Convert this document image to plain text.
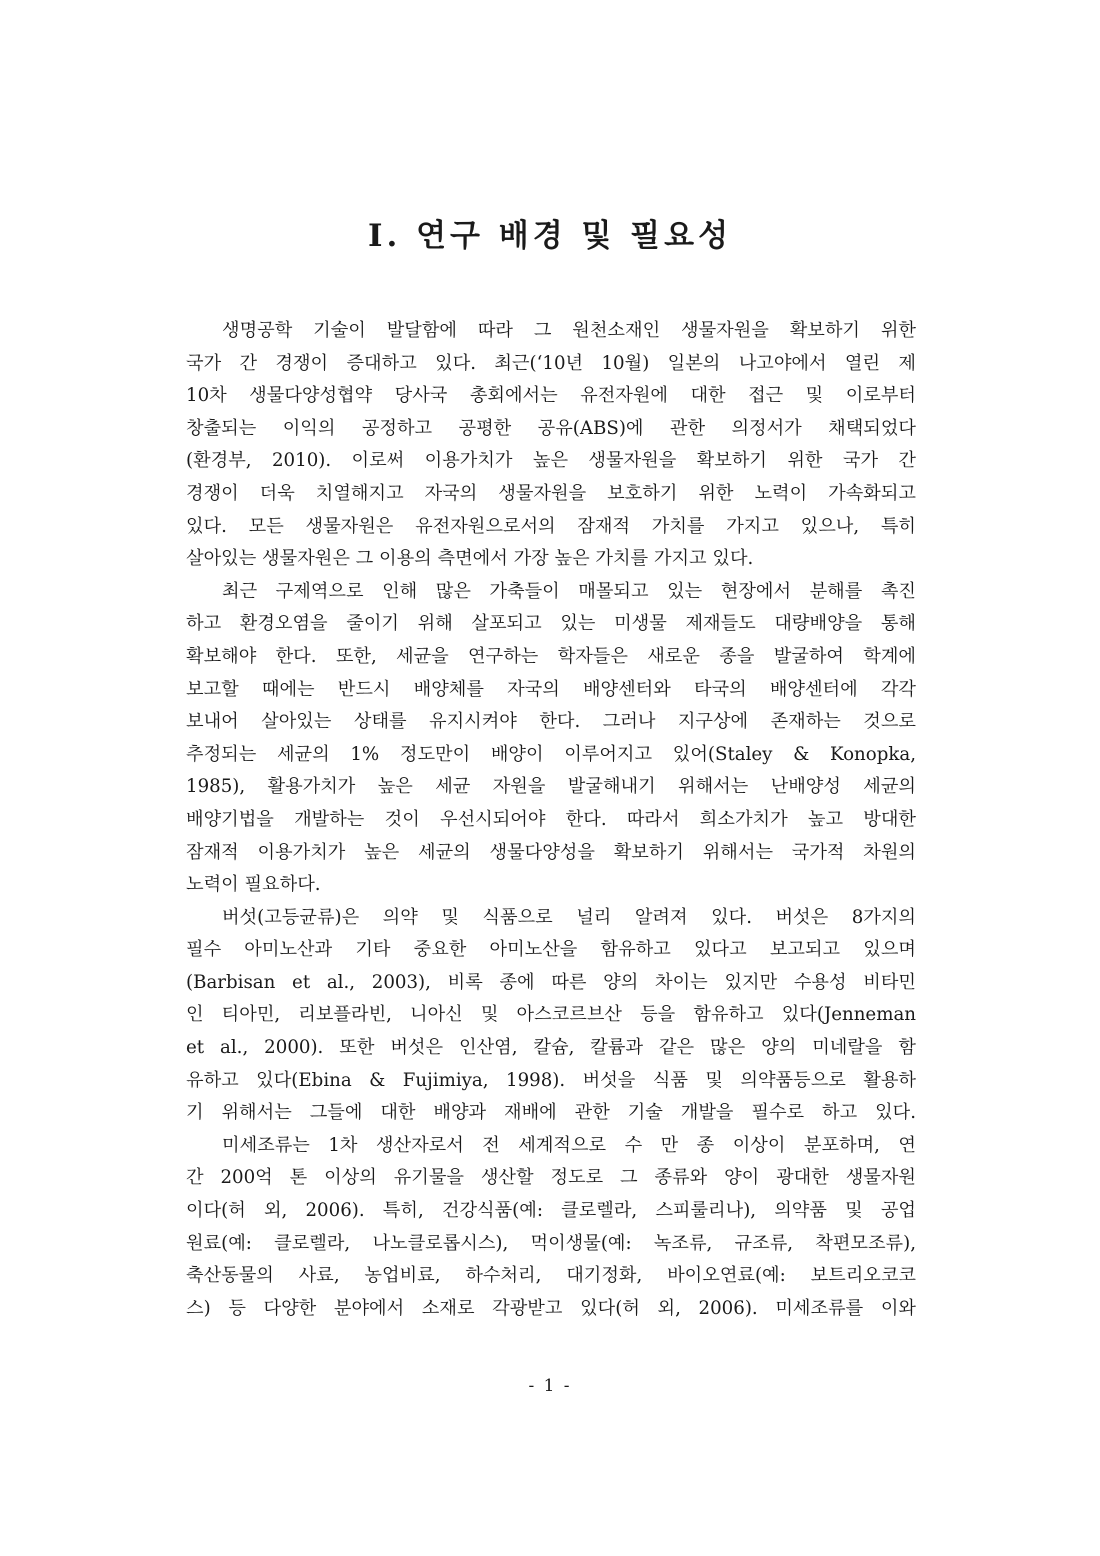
Ⅰ. 연구 배경 및 필요성
생명공학 기술이 발달함에 따라 그 원천소재인 생물자원을 확보하기 위한
국가 간 경쟁이 증대하고 있다. 최근(‘10년 10월) 일본의 나고야에서 열린 제
10차 생물다양성협약 당사국 총회에서는 유전자원에 대한 접근 및 이로부터
창출되는 이익의 공정하고 공평한 공유(ABS)에 관한 의정서가 채택되었다
(환경부, 2010). 이로써 이용가치가 높은 생물자원을 확보하기 위한 국가 간
경쟁이 더욱 치열해지고 자국의 생물자원을 보호하기 위한 노력이 가속화되고
있다. 모든 생물자원은 유전자원으로서의 잠재적 가치를 가지고 있으나, 특히
살아있는 생물자원은 그 이용의 측면에서 가장 높은 가치를 가지고 있다.
최근 구제역으로 인해 많은 가축들이 매몰되고 있는 현장에서 분해를 촉진
하고 환경오염을 줄이기 위해 살포되고 있는 미생물 제재들도 대량배양을 통해
확보해야 한다. 또한, 세균을 연구하는 학자들은 새로운 종을 발굴하여 학계에
보고할 때에는 반드시 배양체를 자국의 배양센터와 타국의 배양센터에 각각
보내어 살아있는 상태를 유지시켜야 한다. 그러나 지구상에 존재하는 것으로
추정되는 세균의 1% 정도만이 배양이 이루어지고 있어(Staley & Konopka,
1985), 활용가치가 높은 세균 자원을 발굴해내기 위해서는 난배양성 세균의
배양기법을 개발하는 것이 우선시되어야 한다. 따라서 희소가치가 높고 방대한
잠재적 이용가치가 높은 세균의 생물다양성을 확보하기 위해서는 국가적 차원의
노력이 필요하다.
버섯(고등균류)은 의약 및 식품으로 널리 알려져 있다. 버섯은 8가지의
필수 아미노산과 기타 중요한 아미노산을 함유하고 있다고 보고되고 있으며
(Barbisan et al., 2003), 비록 종에 따른 양의 차이는 있지만 수용성 비타민
인 티아민, 리보플라빈, 니아신 및 아스코르브산 등을 함유하고 있다(Jenneman
et al., 2000). 또한 버섯은 인산염, 칼슘, 칼륨과 같은 많은 양의 미네랄을 함
유하고 있다(Ebina & Fujimiya, 1998). 버섯을 식품 및 의약품등으로 활용하
기 위해서는 그들에 대한 배양과 재배에 관한 기술 개발을 필수로 하고 있다.
미세조류는 1차 생산자로서 전 세계적으로 수 만 종 이상이 분포하며, 연
간 200억 톤 이상의 유기물을 생산할 정도로 그 종류와 양이 광대한 생물자원
이다(허 외, 2006). 특히, 건강식품(예: 클로렐라, 스피룰리나), 의약품 및 공업
원료(예: 클로렐라, 나노클로롭시스), 먹이생물(예: 녹조류, 규조류, 착편모조류),
축산동물의 사료, 농업비료, 하수처리, 대기정화, 바이오연료(예: 보트리오코코
스) 등 다양한 분야에서 소재로 각광받고 있다(허 외, 2006). 미세조류를 이와
- 1 -
